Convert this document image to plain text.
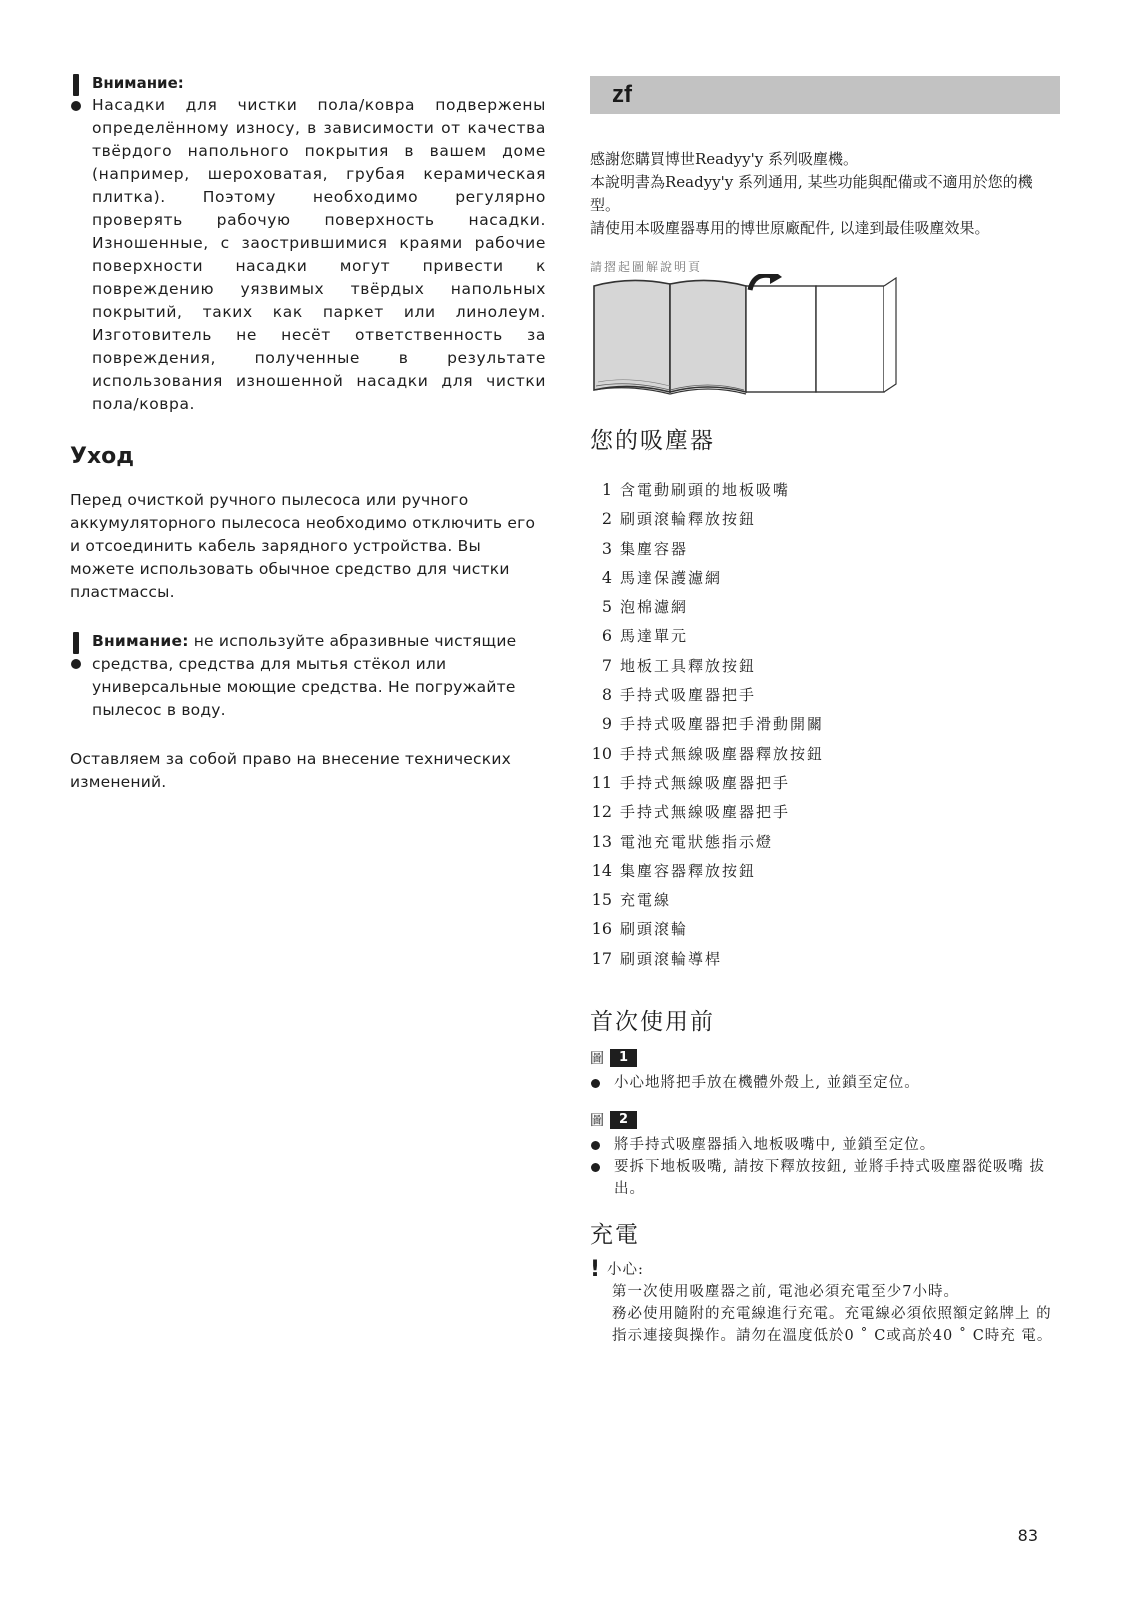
Внимание:
Насадки для чистки пола/ковра подвержены определённому износу, в зависимости от качества твёрдого напольного покрытия в вашем доме (например, шероховатая, грубая керамическая плитка). Поэтому необходимо регулярно проверять рабочую поверхность насадки. Изношенные, с заострившимися краями рабочие поверхности насадки могут привести к повреждению уязвимых твёрдых напольных покрытий, таких как паркет или линолеум. Изготовитель не несёт ответственность за повреждения, полученные в результате использования изношенной насадки для чистки пола/ковра.
Уход
Перед очисткой ручного пылесоса или ручного аккумуляторного пылесоса необходимо отключить его и отсоединить кабель зарядного устройства. Вы можете использовать обычное средство для чистки пластмассы.
Внимание: не используйте абразивные чистящие средства, средства для мытья стёкол или универсальные моющие средства. Не погружайте пылесос в воду.
Оставляем за собой право на внесение технических изменений.
zf
感謝您購買博世Readyy'y 系列吸塵機。
本說明書為Readyy'y 系列通用, 某些功能與配備或不適用於您的機型。
請使用本吸塵器專用的博世原廠配件, 以達到最佳吸塵效果。
請摺起圖解說明頁
您的吸塵器
1 含電動刷頭的地板吸嘴
2 刷頭滾輪釋放按鈕
3 集塵容器
4 馬達保護濾網
5 泡棉濾網
6 馬達單元
7 地板工具釋放按鈕
8 手持式吸塵器把手
9 手持式吸塵器把手滑動開關
10 手持式無線吸塵器釋放按鈕
11 手持式無線吸塵器把手
12 手持式無線吸塵器把手
13 電池充電狀態指示燈
14 集塵容器釋放按鈕
15 充電線
16 刷頭滾輪
17 刷頭滾輪導桿
首次使用前
圖	1
小心地將把手放在機體外殼上, 並鎖至定位。
圖	2
將手持式吸塵器插入地板吸嘴中, 並鎖至定位。
要拆下地板吸嘴, 請按下釋放按鈕, 並將手持式吸塵器從吸嘴 拔出。
充電
! 小心:
第一次使用吸塵器之前, 電池必須充電至少7小時。
務必使用隨附的充電線進行充電。充電線必須依照額定銘牌上 的指示連接與操作。請勿在溫度低於0 ˚ C或高於40 ˚ C時充 電。
83
